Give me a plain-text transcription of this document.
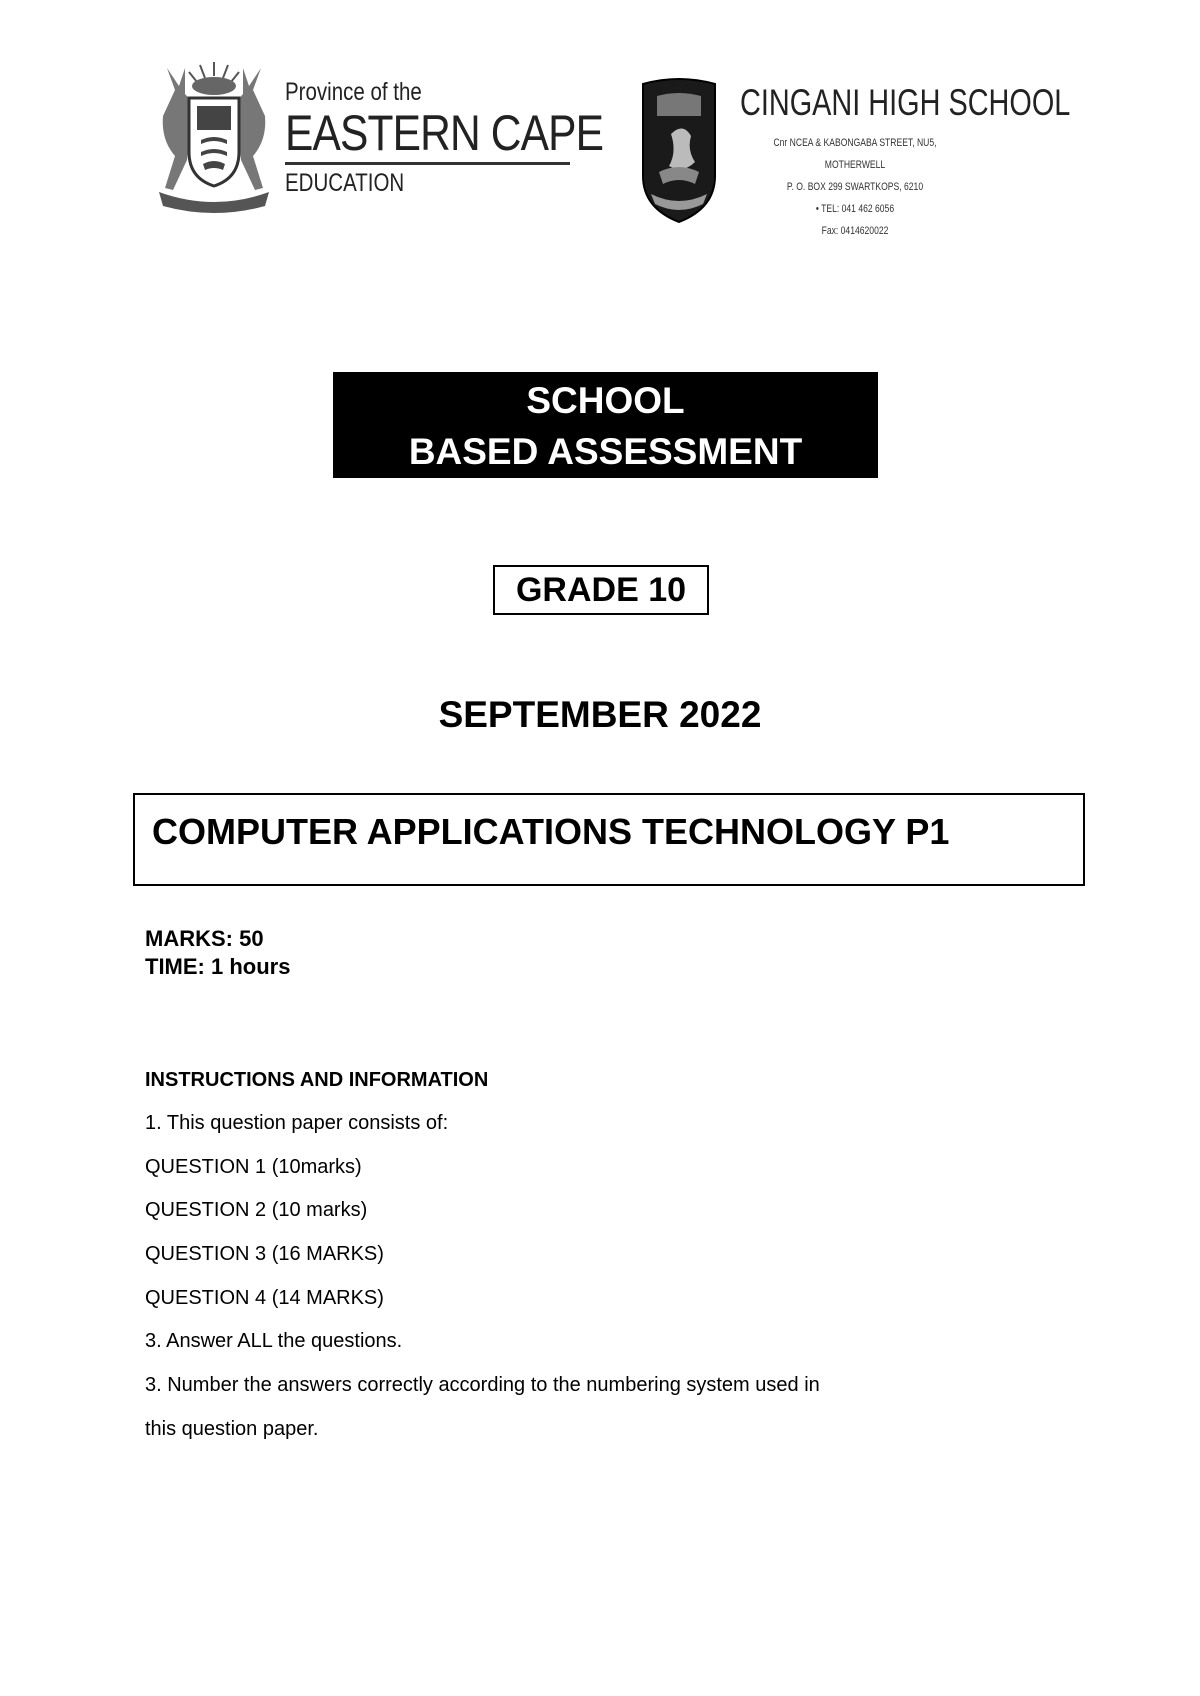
Province of the
EASTERN CAPE
EDUCATION
CINGANI HIGH SCHOOL
Cnr NCEA & KABONGABA STREET, NU5, MOTHERWELL
P. O. BOX 299 SWARTKOPS, 6210
• TEL: 041 462 6056
Fax: 0414620022
SCHOOL
BASED ASSESSMENT
GRADE 10
SEPTEMBER 2022
COMPUTER APPLICATIONS TECHNOLOGY P1
MARKS: 50
TIME: 1 hours
INSTRUCTIONS AND INFORMATION
1. This question paper consists of:
QUESTION 1 (10marks)
QUESTION 2 (10 marks)
QUESTION 3 (16 MARKS)
QUESTION 4 (14 MARKS)
3. Answer ALL the questions.
3. Number the answers correctly according to the numbering system used in
this question paper.
